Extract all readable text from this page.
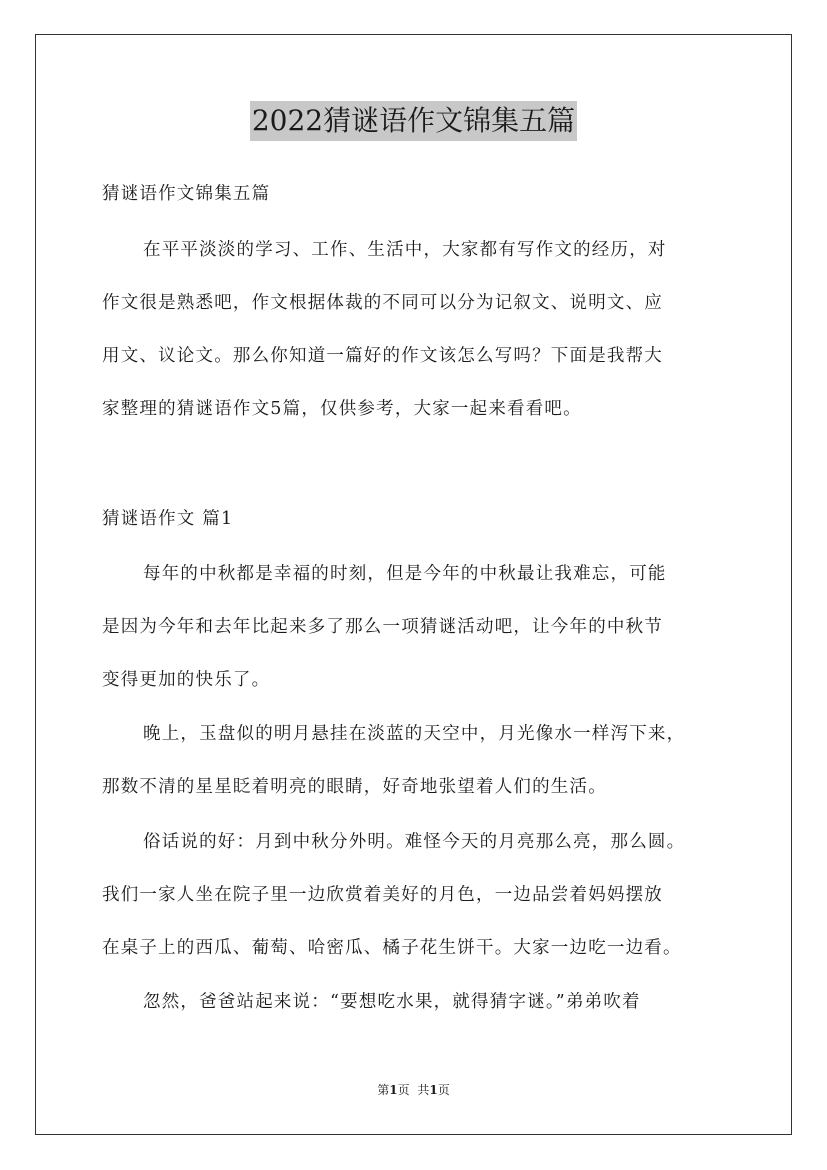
2022猜谜语作文锦集五篇
猜谜语作文锦集五篇
在平平淡淡的学习、工作、生活中，大家都有写作文的经历，对
作文很是熟悉吧，作文根据体裁的不同可以分为记叙文、说明文、应
用文、议论文。那么你知道一篇好的作文该怎么写吗？下面是我帮大
家整理的猜谜语作文5篇，仅供参考，大家一起来看看吧。
猜谜语作文 篇1
每年的中秋都是幸福的时刻，但是今年的中秋最让我难忘，可能
是因为今年和去年比起来多了那么一项猜谜活动吧，让今年的中秋节
变得更加的快乐了。
晚上，玉盘似的明月悬挂在淡蓝的天空中，月光像水一样泻下来，
那数不清的星星眨着明亮的眼睛，好奇地张望着人们的生活。
俗话说的好：月到中秋分外明。难怪今天的月亮那么亮，那么圆。
我们一家人坐在院子里一边欣赏着美好的月色，一边品尝着妈妈摆放
在桌子上的西瓜、葡萄、哈密瓜、橘子花生饼干。大家一边吃一边看。
忽然，爸爸站起来说：“要想吃水果，就得猜字谜。”弟弟吹着
第1页 共1页
